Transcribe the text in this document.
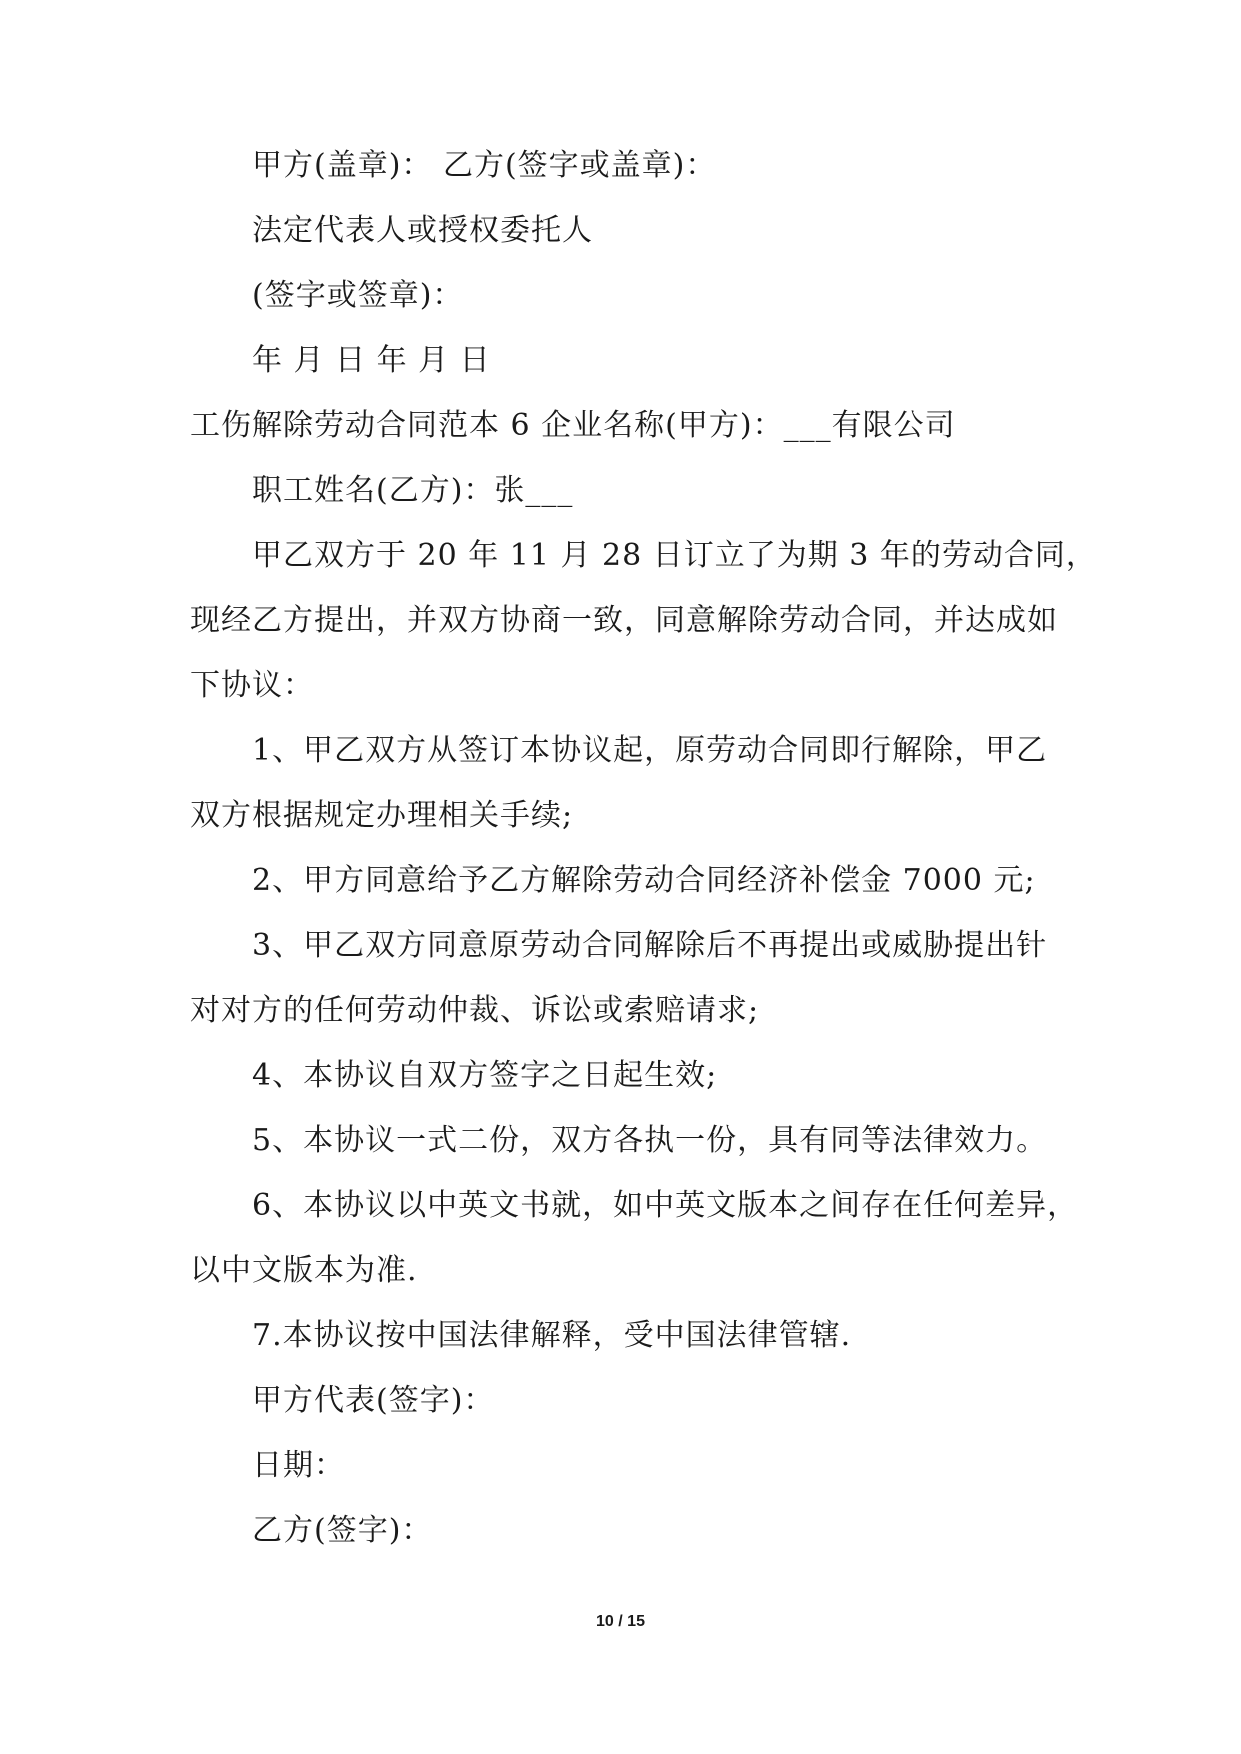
甲方(盖章)： 乙方(签字或盖章)：
法定代表人或授权委托人
(签字或签章)：
年 月 日 年 月 日
工伤解除劳动合同范本 6 企业名称(甲方)：___有限公司
职工姓名(乙方)：张___
甲乙双方于 20 年 11 月 28 日订立了为期 3 年的劳动合同，
现经乙方提出，并双方协商一致，同意解除劳动合同，并达成如
下协议：
1、甲乙双方从签订本协议起，原劳动合同即行解除，甲乙
双方根据规定办理相关手续;
2、甲方同意给予乙方解除劳动合同经济补偿金 7000 元;
3、甲乙双方同意原劳动合同解除后不再提出或威胁提出针
对对方的任何劳动仲裁、诉讼或索赔请求;
4、本协议自双方签字之日起生效;
5、本协议一式二份，双方各执一份，具有同等法律效力。
6、本协议以中英文书就，如中英文版本之间存在任何差异，
以中文版本为准.
7.本协议按中国法律解释，受中国法律管辖.
甲方代表(签字)：
日期：
乙方(签字)：
10 / 15
